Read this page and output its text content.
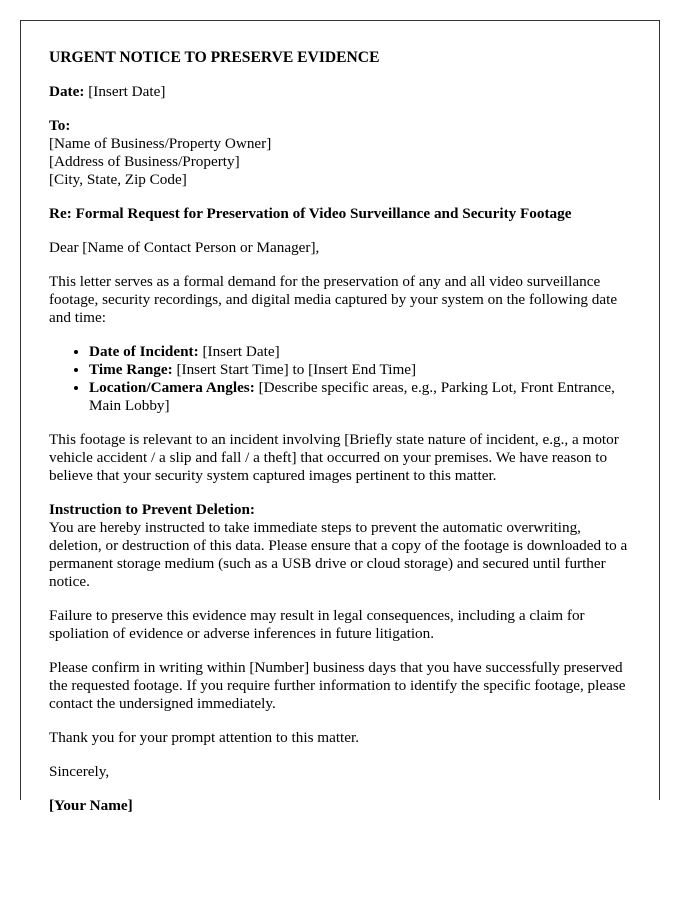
URGENT NOTICE TO PRESERVE EVIDENCE

Date: [Insert Date]

To:
[Name of Business/Property Owner]
[Address of Business/Property]
[City, State, Zip Code]

Re: Formal Request for Preservation of Video Surveillance and Security Footage

Dear [Name of Contact Person or Manager],

This letter serves as a formal demand for the preservation of any and all video surveillance footage, security recordings, and digital media captured by your system on the following date and time:

• Date of Incident: [Insert Date]
• Time Range: [Insert Start Time] to [Insert End Time]
• Location/Camera Angles: [Describe specific areas, e.g., Parking Lot, Front Entrance, Main Lobby]

This footage is relevant to an incident involving [Briefly state nature of incident, e.g., a motor vehicle accident / a slip and fall / a theft] that occurred on your premises. We have reason to believe that your security system captured images pertinent to this matter.

Instruction to Prevent Deletion:
You are hereby instructed to take immediate steps to prevent the automatic overwriting, deletion, or destruction of this data. Please ensure that a copy of the footage is downloaded to a permanent storage medium (such as a USB drive or cloud storage) and secured until further notice.

Failure to preserve this evidence may result in legal consequences, including a claim for spoliation of evidence or adverse inferences in future litigation.

Please confirm in writing within [Number] business days that you have successfully preserved the requested footage. If you require further information to identify the specific footage, please contact the undersigned immediately.

Thank you for your prompt attention to this matter.

Sincerely,

[Your Name]
